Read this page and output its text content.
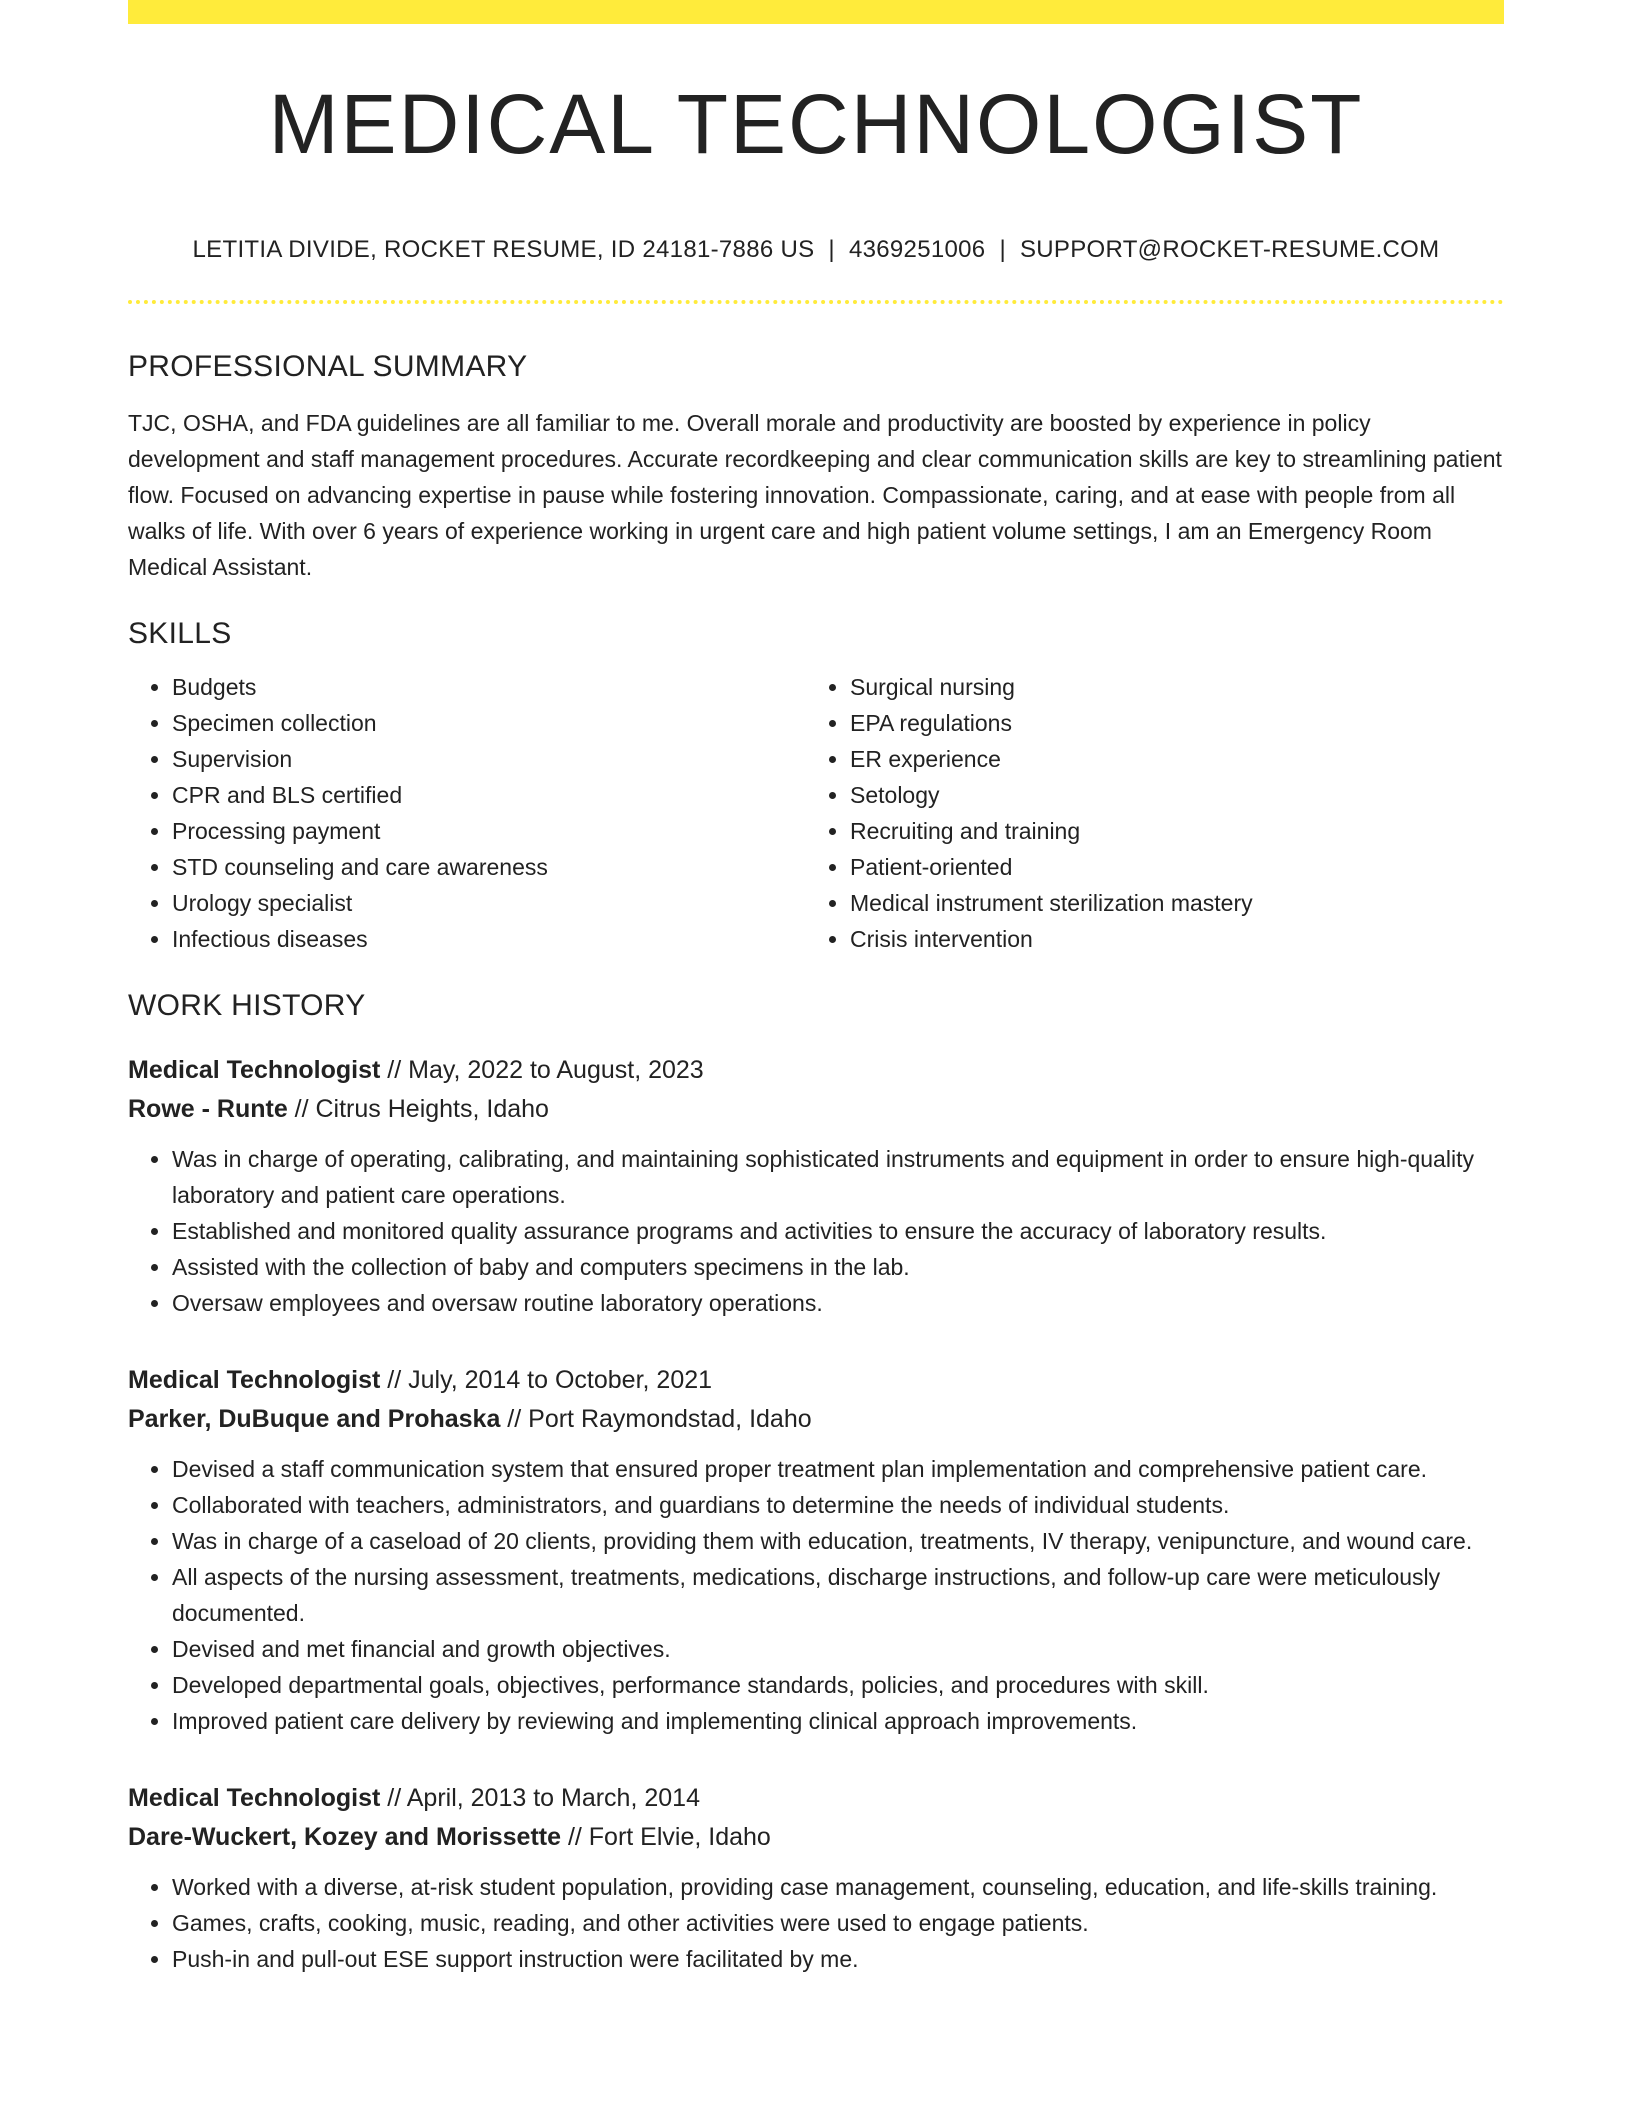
MEDICAL TECHNOLOGIST
LETITIA DIVIDE, ROCKET RESUME, ID 24181-7886 US | 4369251006 | SUPPORT@ROCKET-RESUME.COM
PROFESSIONAL SUMMARY

TJC, OSHA, and FDA guidelines are all familiar to me. Overall morale and productivity are boosted by experience in policy development and staff management procedures. Accurate recordkeeping and clear communication skills are key to streamlining patient flow. Focused on advancing expertise in pause while fostering innovation. Compassionate, caring, and at ease with people from all walks of life. With over 6 years of experience working in urgent care and high patient volume settings, I am an Emergency Room Medical Assistant.

SKILLS
• Budgets
• Specimen collection
• Supervision
• CPR and BLS certified
• Processing payment
• STD counseling and care awareness
• Urology specialist
• Infectious diseases
• Surgical nursing
• EPA regulations
• ER experience
• Setology
• Recruiting and training
• Patient-oriented
• Medical instrument sterilization mastery
• Crisis intervention
WORK HISTORY
Medical Technologist // May, 2022 to August, 2023
Rowe - Runte // Citrus Heights, Idaho
• Was in charge of operating, calibrating, and maintaining sophisticated instruments and equipment in order to ensure high-quality laboratory and patient care operations.
• Established and monitored quality assurance programs and activities to ensure the accuracy of laboratory results.
• Assisted with the collection of baby and computers specimens in the lab.
• Oversaw employees and oversaw routine laboratory operations.
Medical Technologist // July, 2014 to October, 2021
Parker, DuBuque and Prohaska // Port Raymondstad, Idaho
• Devised a staff communication system that ensured proper treatment plan implementation and comprehensive patient care.
• Collaborated with teachers, administrators, and guardians to determine the needs of individual students.
• Was in charge of a caseload of 20 clients, providing them with education, treatments, IV therapy, venipuncture, and wound care.
• All aspects of the nursing assessment, treatments, medications, discharge instructions, and follow-up care were meticulously documented.
• Devised and met financial and growth objectives.
• Developed departmental goals, objectives, performance standards, policies, and procedures with skill.
• Improved patient care delivery by reviewing and implementing clinical approach improvements.
Medical Technologist // April, 2013 to March, 2014
Dare-Wuckert, Kozey and Morissette // Fort Elvie, Idaho
• Worked with a diverse, at-risk student population, providing case management, counseling, education, and life-skills training.
• Games, crafts, cooking, music, reading, and other activities were used to engage patients.
• Push-in and pull-out ESE support instruction were facilitated by me.
